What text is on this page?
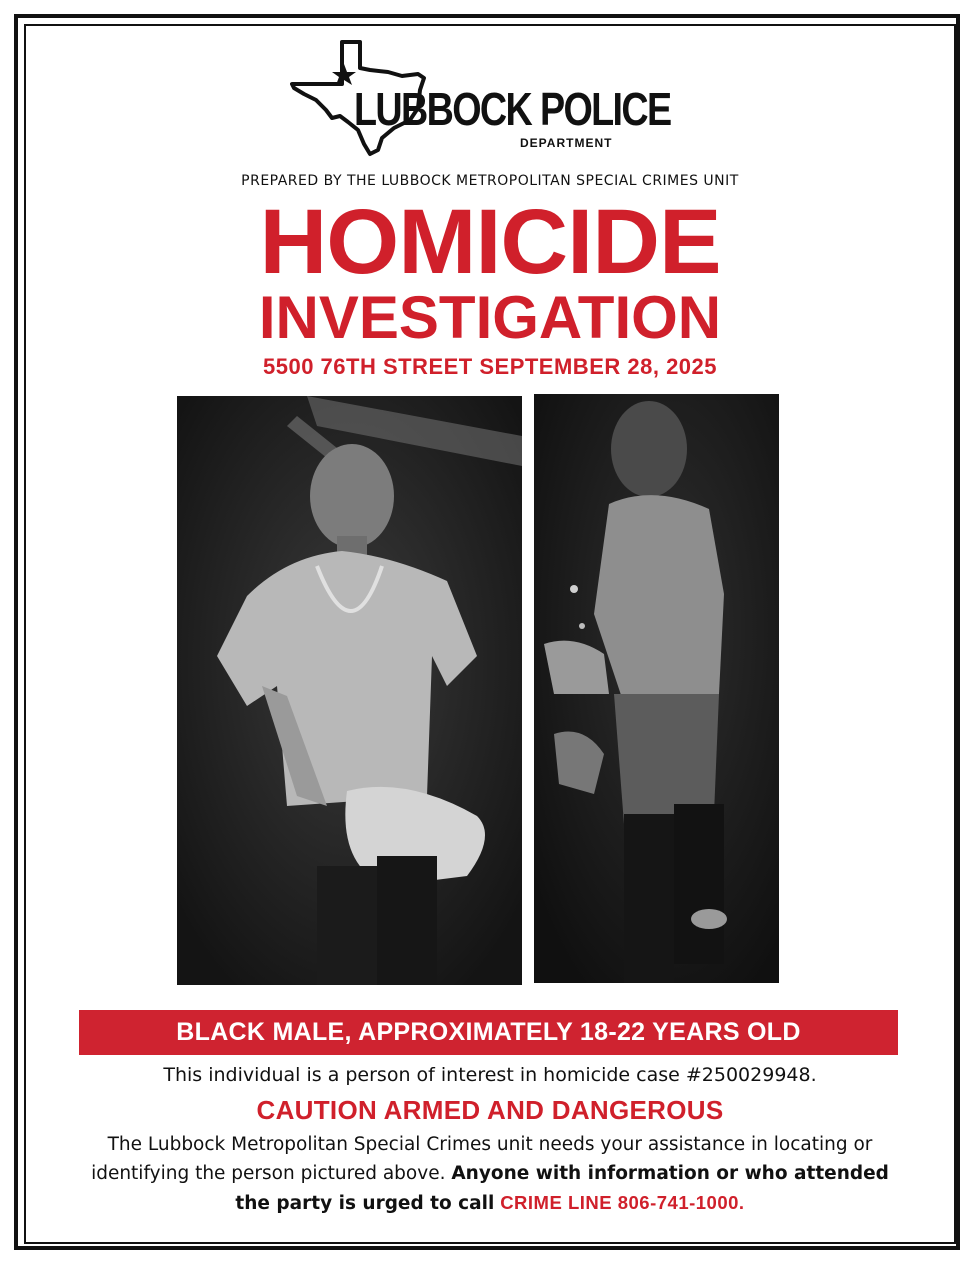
LUBBOCK POLICE
DEPARTMENT
PREPARED BY THE LUBBOCK METROPOLITAN SPECIAL CRIMES UNIT
HOMICIDE
INVESTIGATION
5500 76TH STREET SEPTEMBER 28, 2025
BLACK MALE, APPROXIMATELY 18-22 YEARS OLD
This individual is a person of interest in homicide case #250029948.
CAUTION ARMED AND DANGEROUS
The Lubbock Metropolitan Special Crimes unit needs your assistance in locating or identifying the person pictured above. Anyone with information or who attended the party is urged to call CRIME LINE 806-741-1000.
